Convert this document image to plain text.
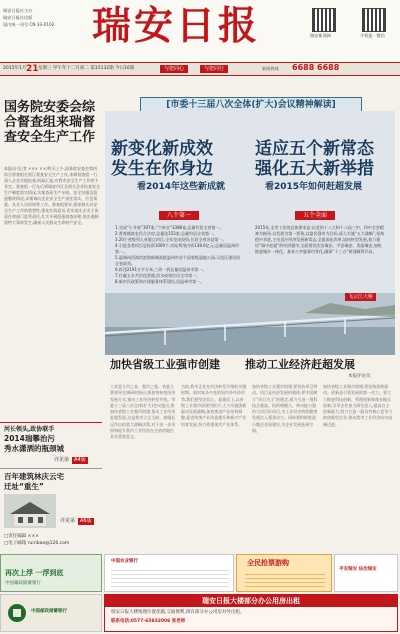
瑞安日报社主办
瑞安日报社出版
国内统一刊号 CN 33-0102 瑞安日报	瑞安新闻网	手机报 · 微信
新闻热线 6688 6688
2015年1月 21 星期三 甲午年十二月初二 第15132期 今日16版	与您同心	与您同行
国务院安委会综合督查组来瑞督查安全生产工作
本报讯 (记者 ××× ××)昨天上午,国务院安委会第四综合督查组在浙江督查安全生产工作,来瑞督查组一行深入企业实地检查,听取汇报,对我市安全生产工作给予肯定。督查组一行先后到瑞安市区及相关企业检查安全生产制度落实情况,实地查看生产车间、安全设施及隐患整改情况,详细询问企业安全生产责任落实、应急预案、从业人员培训等工作。督查组要求,要深刻认识安全生产工作的重要性,强化红线意识,切实落实企业主体责任和部门监管责任,扎实开展隐患排查治理,坚决遏制重特大事故发生,确保人民群众生命财产安全。
[市委十三届八次全体(扩大)会议精神解读]
新变化新成效
发生在你身边
看2014年这些新成就
适应五个新常态
强化五大新举措
看2015年如何赶超发展
八个第一	五个全面
1.完成“小升规”307家,“个转企”3386家,总量均居全省第一。
2.普查摸底农民合法房,总量达153家,总量均居全省第一。
3.20个省级列入省重点项目,全年完成投资,位居全省各县第一。
4.引进各类项目总投资1009个,实际利用内资138.6亿元,总量居温州市第一。
5.温瑞州西海岸滨海新城获批温州市首个国家级湿地公园,示范区建设居全省前列。
6.拆违2191万平方米,三改一拆总量居温州市第一。
7.打赢五水共治攻坚战,治水成效位居全市第一。
8.新市民政策和社保服务体系建设,居温州市第一。
2015年,全市工作的总体要求是:以党的十八大和十八届三中、四中全会精神为指导,以发展为第一要务,以富民强市为目标,深入实施“五大战略”,坚持稳中求进,主动适应经济发展新常态,全面深化改革,加快转型发展,着力建设“瑞中赶超”的经济强市,全面建设法治瑞安、平安瑞安、美丽瑞安,加快推进城乡一体化、基本公共服务均等化,确保“十三五”规划顺利开局。
飞云江大桥
加快省级工业强市创建 推动工业经济赶超发展
本报评论员
工业是立市之本、强市之基。省委主要领导在调研时指出,要加快转变经济发展方式,推动工业经济转型升级。市委十三届八次全体(扩大)会议提出,要加快省级工业强市创建,推动工业经济赶超发展,这是我市立足当前、着眼长远作出的重大战略决策,对于进一步巩固和提升我市工业经济在全省的地位具有重要意义。
当前,我市正处在经济转型升级的关键时期。面对复杂多变的国内外经济形势,我们要坚定信心、迎难而上,以省级工业强市创建为抓手,大力实施创新驱动发展战略,加快推进产业结构调整,促进传统产业改造提升和新兴产业培育发展,努力构建现代产业体系。
加快省级工业强市创建,要坚持项目带动。项目是经济发展的载体,要牢固树立“项目为王”的理念,着力引进一批科技含量高、投资规模大、带动能力强的大项目好项目,为工业经济持续健康发展注入强劲动力。同时要积极推进小微企业园建设,为企业发展拓展空间。
加快省级工业强市创建,要坚持创新驱动。创新是引领发展的第一动力。要大力推进科技创新、管理创新和商业模式创新,引导企业加大研发投入,提高自主创新能力,努力打造一批具有核心竞争力的创新型企业,推动我市工业经济向中高端迈进。
河长领头,政协联手
2014瑞攀治污
秀水潇洒的瓶颈城
详见第 A4版
百年建筑林庆云宅
迁址“重生”
详见第 A6版
□责任编辑 ×××
□电子邮箱 ruiribao@126.com
再次上浮 一浮到底
中国邮政储蓄银行
中国农业银行	全民抢票游购
平安瑞安 法治瑞安
瑞安日报大楼部分办公用房出租
瑞安日报大楼地理位置优越,交通便利,现有部分办公用房对外出租。
联系电话:0577-65832006 张老师
中国邮政储蓄银行
